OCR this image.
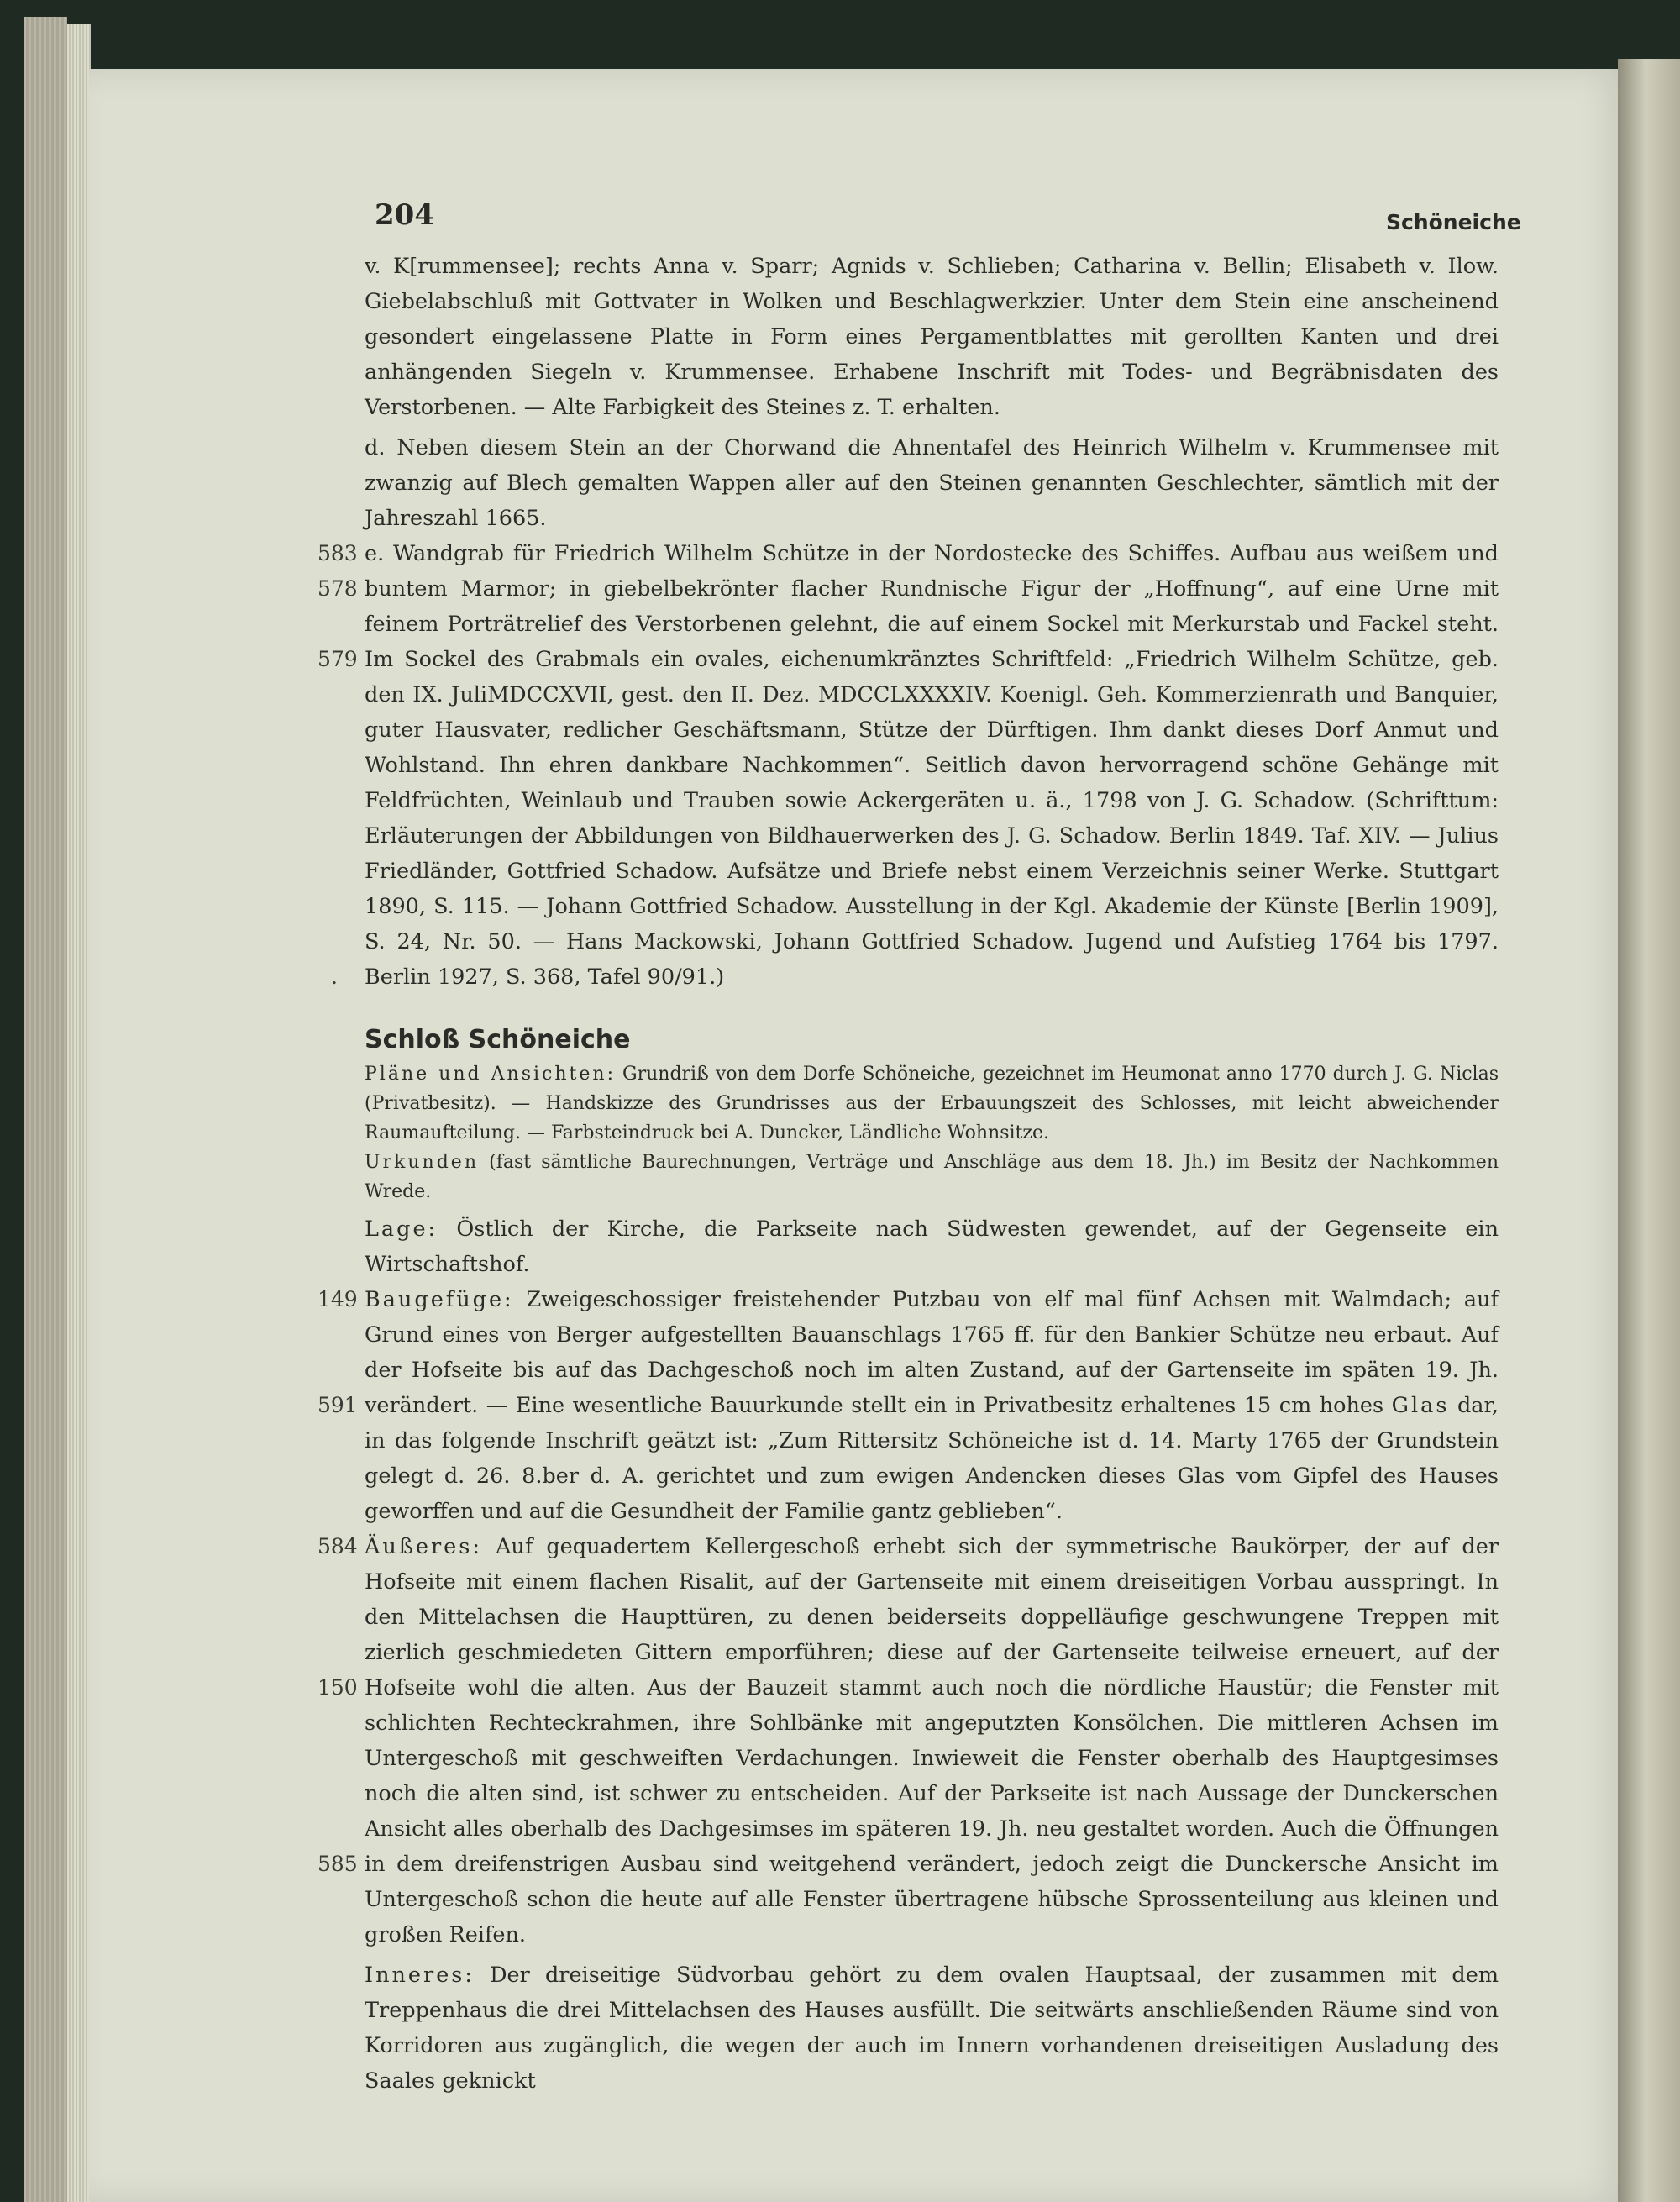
204	Schöneiche

v. K[rummensee]; rechts Anna v. Sparr; Agnids v. Schlieben; Catharina v. Bellin; Elisabeth v. Ilow. Giebelabschluß mit Gottvater in Wolken und Beschlagwerkzier. Unter dem Stein eine anscheinend gesondert eingelassene Platte in Form eines Pergamentblattes mit gerollten Kanten und drei anhängenden Siegeln v. Krummensee. Erhabene Inschrift mit Todes- und Begräbnisdaten des Verstorbenen. — Alte Farbigkeit des Steines z. T. erhalten.

d. Neben diesem Stein an der Chorwand die Ahnentafel des Heinrich Wilhelm v. Krummensee mit zwanzig auf Blech gemalten Wappen aller auf den Steinen genannten Geschlechter, sämtlich mit der Jahreszahl 1665.

583
578
579
.
e. Wandgrab für Friedrich Wilhelm Schütze in der Nordostecke des Schiffes. Aufbau aus weißem und buntem Marmor; in giebelbekrönter flacher Rundnische Figur der „Hoffnung“, auf eine Urne mit feinem Porträtrelief des Verstorbenen gelehnt, die auf einem Sockel mit Merkurstab und Fackel steht. Im Sockel des Grabmals ein ovales, eichenumkränztes Schriftfeld: „Friedrich Wilhelm Schütze, geb. den IX. JuliMDCCXVII, gest. den II. Dez. MDCCLXXXXIV. Koenigl. Geh. Kommerzienrath und Banquier, guter Hausvater, redlicher Geschäftsmann, Stütze der Dürftigen. Ihm dankt dieses Dorf Anmut und Wohlstand. Ihn ehren dankbare Nachkommen“. Seitlich davon hervorragend schöne Gehänge mit Feldfrüchten, Weinlaub und Trauben sowie Ackergeräten u. ä., 1798 von J. G. Schadow. (Schrifttum: Erläuterungen der Abbildungen von Bildhauerwerken des J. G. Schadow. Berlin 1849. Taf. XIV. — Julius Friedländer, Gottfried Schadow. Aufsätze und Briefe nebst einem Verzeichnis seiner Werke. Stuttgart 1890, S. 115. — Johann Gottfried Schadow. Ausstellung in der Kgl. Akademie der Künste [Berlin 1909], S. 24, Nr. 50. — Hans Mackowski, Johann Gottfried Schadow. Jugend und Aufstieg 1764 bis 1797. Berlin 1927, S. 368, Tafel 90/91.)

Schloß Schöneiche

Pläne und Ansichten: Grundriß von dem Dorfe Schöneiche, gezeichnet im Heumonat anno 1770 durch J. G. Niclas (Privatbesitz). — Handskizze des Grundrisses aus der Erbauungszeit des Schlosses, mit leicht abweichender Raumaufteilung. — Farbsteindruck bei A. Duncker, Ländliche Wohnsitze.

Urkunden (fast sämtliche Baurechnungen, Verträge und Anschläge aus dem 18. Jh.) im Besitz der Nachkommen Wrede.

Lage: Östlich der Kirche, die Parkseite nach Südwesten gewendet, auf der Gegenseite ein Wirtschaftshof.

149
591
Baugefüge: Zweigeschossiger freistehender Putzbau von elf mal fünf Achsen mit Walmdach; auf Grund eines von Berger aufgestellten Bauanschlags 1765 ff. für den Bankier Schütze neu erbaut. Auf der Hofseite bis auf das Dachgeschoß noch im alten Zustand, auf der Gartenseite im späten 19. Jh. verändert. — Eine wesentliche Bauurkunde stellt ein in Privatbesitz erhaltenes 15 cm hohes Glas dar, in das folgende Inschrift geätzt ist: „Zum Rittersitz Schöneiche ist d. 14. Marty 1765 der Grundstein gelegt d. 26. 8.ber d. A. gerichtet und zum ewigen Andencken dieses Glas vom Gipfel des Hauses geworffen und auf die Gesundheit der Familie gantz geblieben“.

584
150
585
Äußeres: Auf gequadertem Kellergeschoß erhebt sich der symmetrische Baukörper, der auf der Hofseite mit einem flachen Risalit, auf der Gartenseite mit einem dreiseitigen Vorbau ausspringt. In den Mittelachsen die Haupttüren, zu denen beiderseits doppelläufige geschwungene Treppen mit zierlich geschmiedeten Gittern emporführen; diese auf der Gartenseite teilweise erneuert, auf der Hofseite wohl die alten. Aus der Bauzeit stammt auch noch die nördliche Haustür; die Fenster mit schlichten Rechteckrahmen, ihre Sohlbänke mit angeputzten Konsölchen. Die mittleren Achsen im Untergeschoß mit geschweiften Verdachungen. Inwieweit die Fenster oberhalb des Hauptgesimses noch die alten sind, ist schwer zu entscheiden. Auf der Parkseite ist nach Aussage der Dunckerschen Ansicht alles oberhalb des Dachgesimses im späteren 19. Jh. neu gestaltet worden. Auch die Öffnungen in dem dreifenstrigen Ausbau sind weitgehend verändert, jedoch zeigt die Dunckersche Ansicht im Untergeschoß schon die heute auf alle Fenster übertragene hübsche Sprossenteilung aus kleinen und großen Reifen.

Inneres: Der dreiseitige Südvorbau gehört zu dem ovalen Hauptsaal, der zusammen mit dem Treppenhaus die drei Mittelachsen des Hauses ausfüllt. Die seitwärts anschließenden Räume sind von Korridoren aus zugänglich, die wegen der auch im Innern vorhandenen dreiseitigen Ausladung des Saales geknickt
